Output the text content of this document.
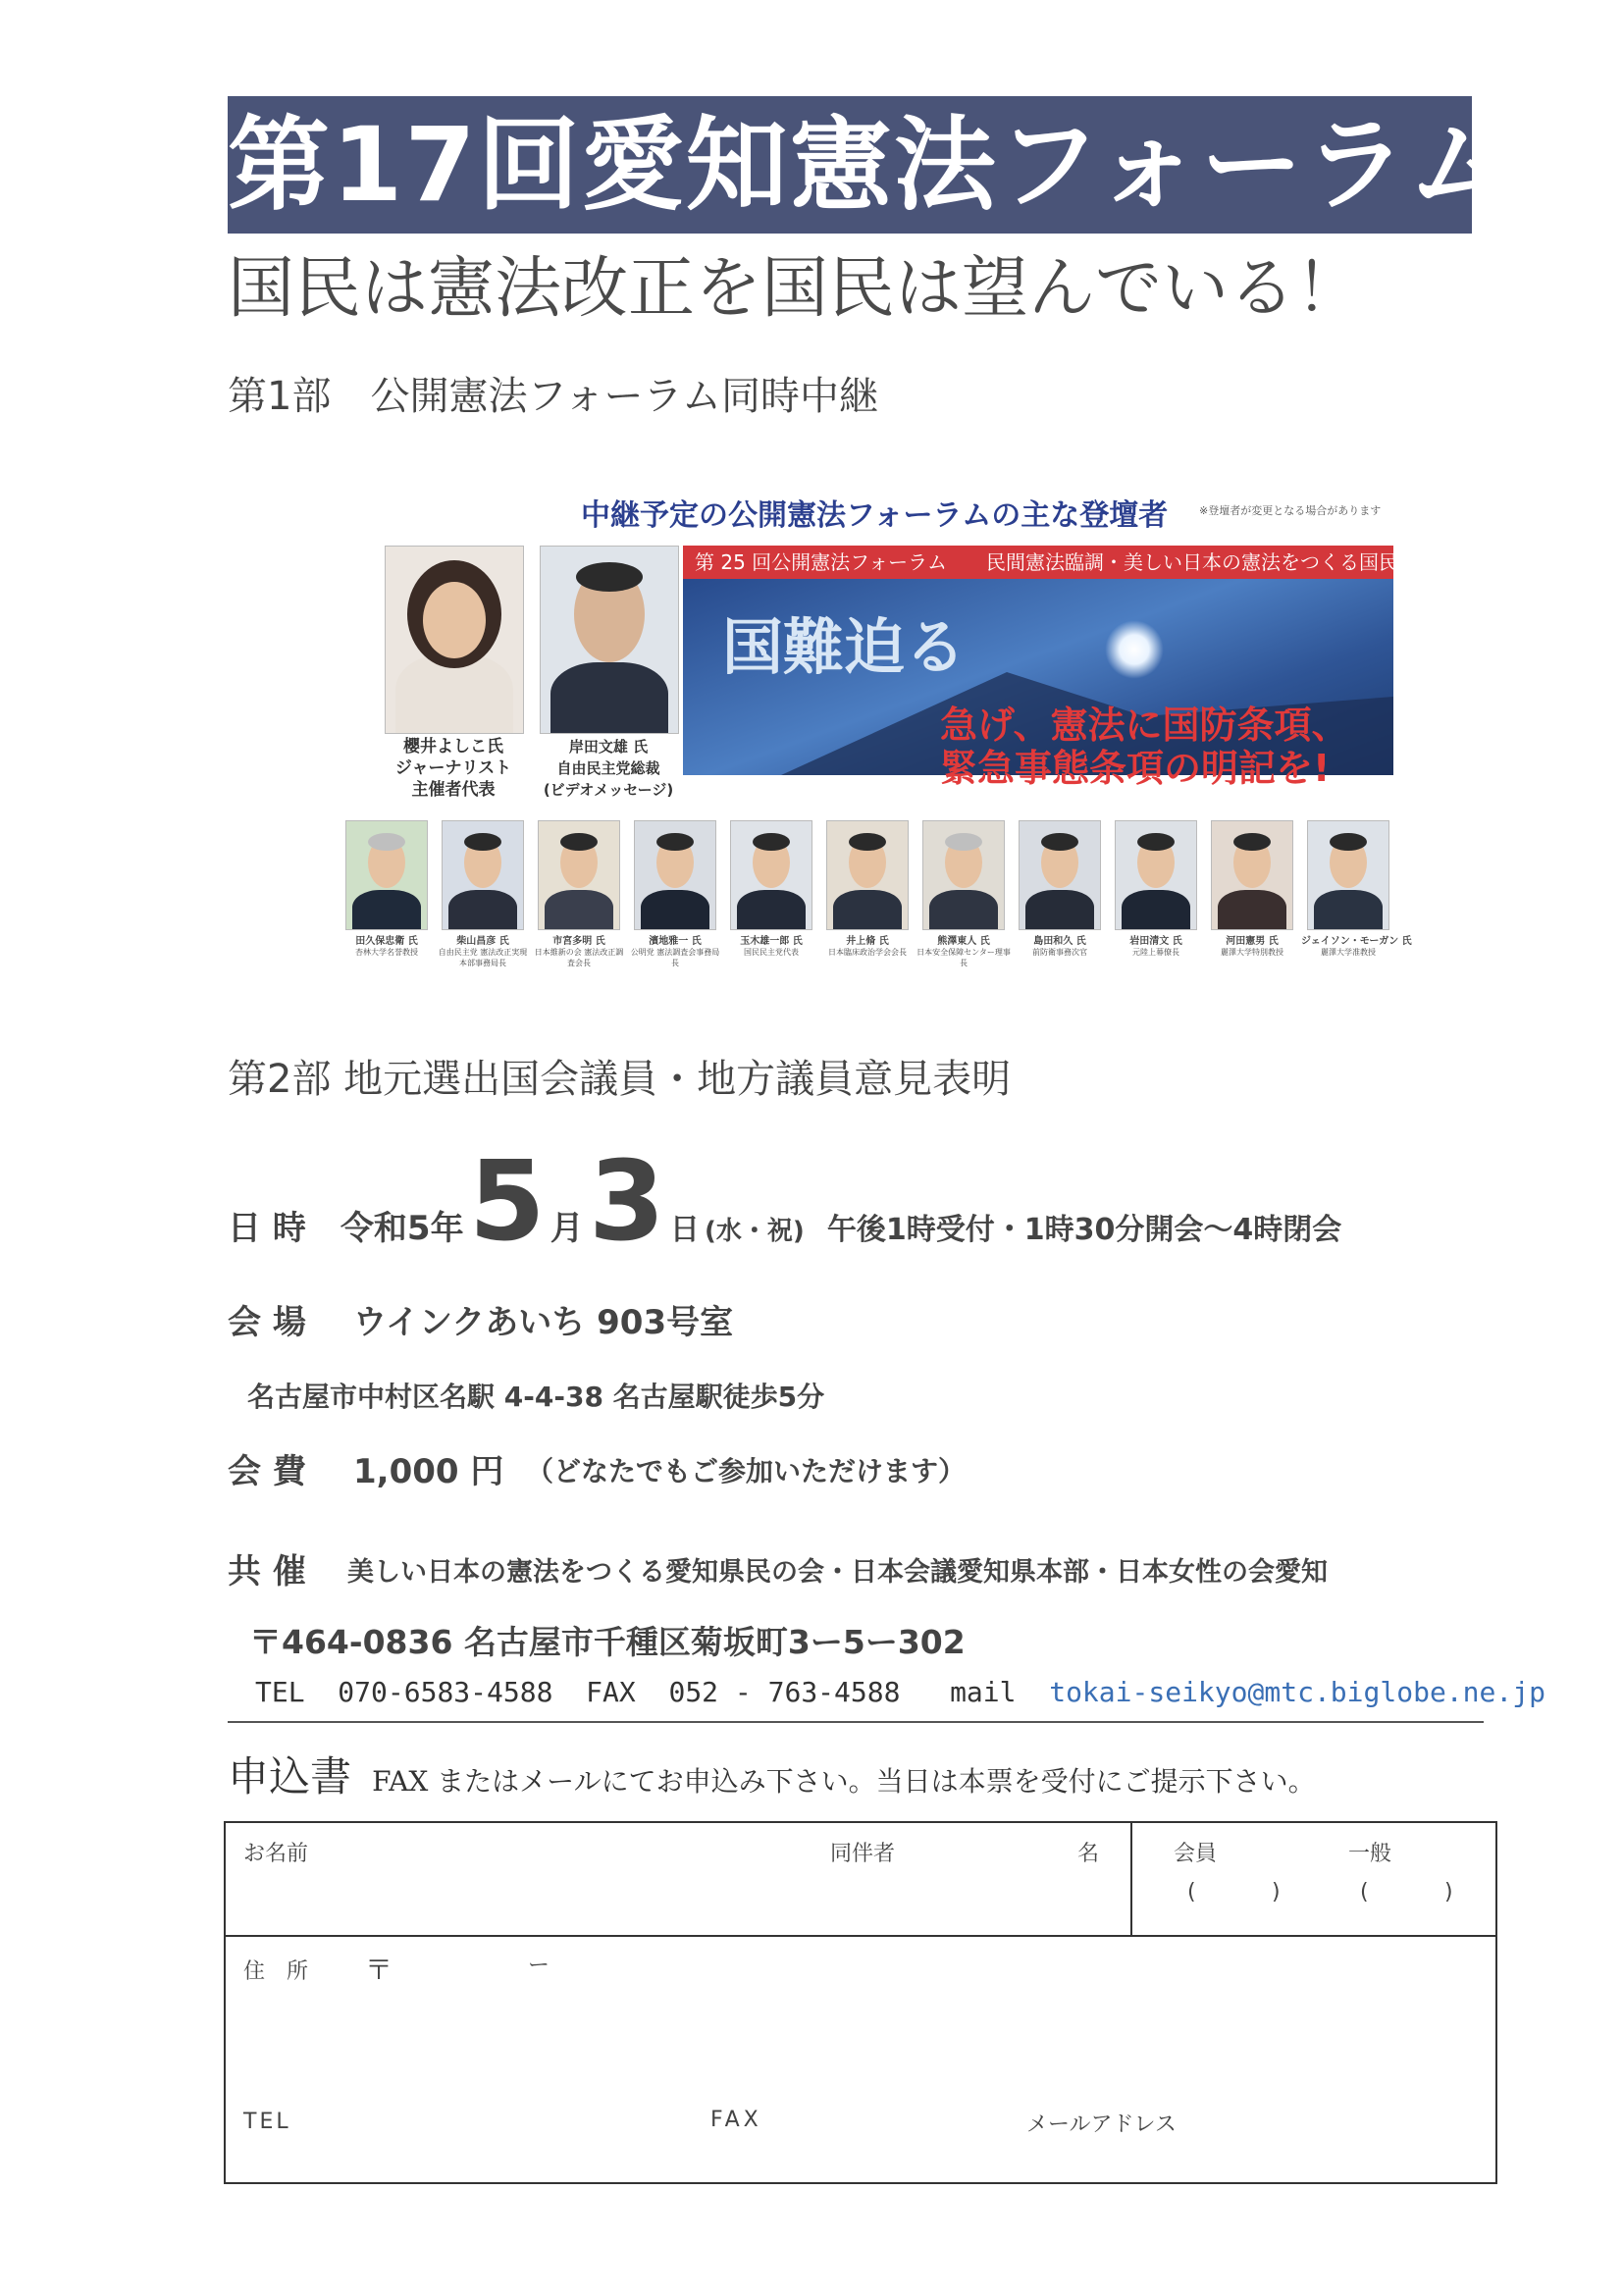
第17回愛知憲法フォーラム
国民は憲法改正を国民は望んでいる！
第1部　公開憲法フォーラム同時中継
中継予定の公開憲法フォーラムの主な登壇者	※登壇者が変更となる場合があります
櫻井よしこ氏
ジャーナリスト
主催者代表
岸田文雄 氏
自由民主党総裁
(ビデオメッセージ)
第 25 回公開憲法フォーラム　　民間憲法臨調・美しい日本の憲法をつくる国民の会 共催行事
国難迫る
急げ、憲法に国防条項、
緊急事態条項の明記を!
田久保忠衛 氏
杏林大学名誉教授
柴山昌彦 氏
自由民主党 憲法改正実現本部事務局長
市宮多明 氏
日本維新の会 憲法改正調査会長
濱地雅一 氏
公明党 憲法調査会事務局長
玉木雄一郎 氏
国民民主党代表
井上脩 氏
日本臨床政治学会会長
熊澤東人 氏
日本安全保障センター理事長
島田和久 氏
前防衛事務次官
岩田清文 氏
元陸上幕僚長
河田憲男 氏
麗澤大学特別教授
ジェイソン・モーガン 氏
麗澤大学准教授
第2部 地元選出国会議員・地方議員意見表明
日 時 令和5年 5 月 3 日 (水・祝) 午後1時受付・1時30分開会～4時閉会
会 場 ウインクあいち 903号室
名古屋市中村区名駅 4-4-38 名古屋駅徒歩5分
会 費 1,000 円 （どなたでもご参加いただけます）
共 催 美しい日本の憲法をつくる愛知県民の会・日本会議愛知県本部・日本女性の会愛知
〒464-0836 名古屋市千種区菊坂町3ー5ー302
TEL 070-6583-4588 FAX 052 - 763-4588 mail tokai-seikyo@mtc.biglobe.ne.jp
申込書 FAX またはメールにてお申込み下さい。当日は本票を受付にご提示下さい。
お名前	同伴者	名	会員	一般
(	)	(	)
住　所 〒	ー
TEL	FAX	メールアドレス
